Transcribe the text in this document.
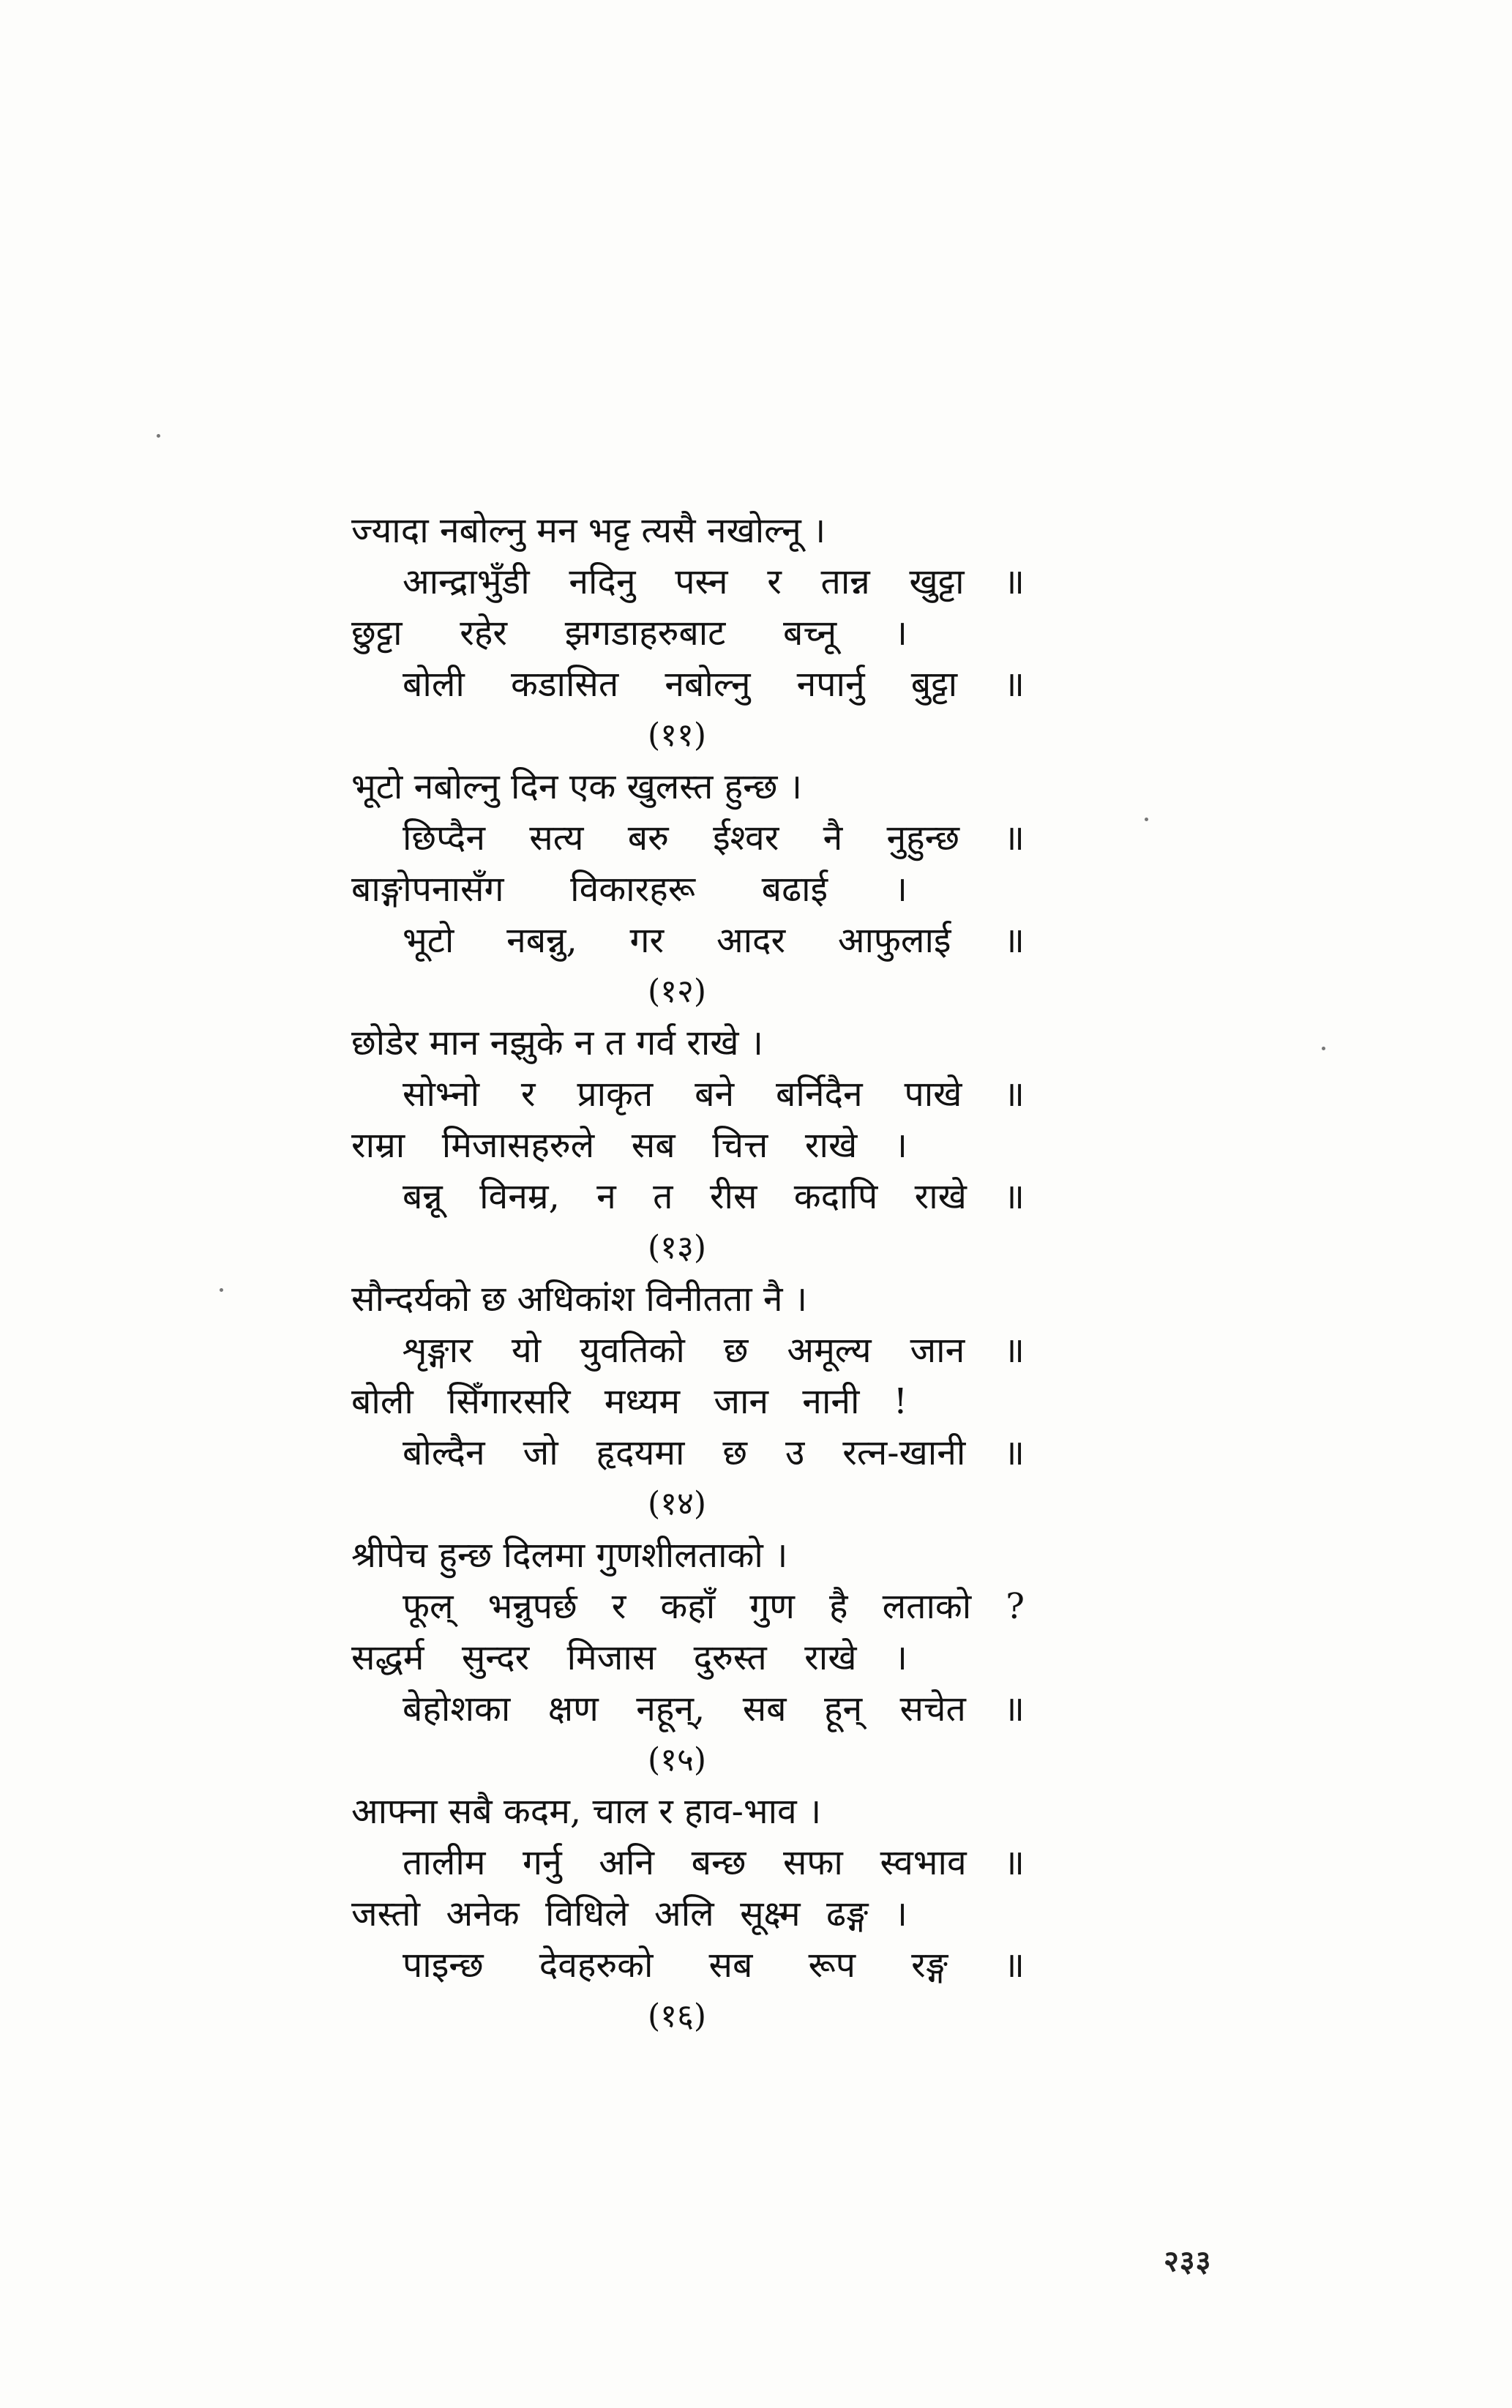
ज्यादा नबोल्नु मन भट्ट त्यसै नखोल्नू ।
आन्द्राभुँडी नदिनु पस्न र तान्न खुट्टा ॥
छुट्टा रहेर झगडाहरुबाट बच्नू ।
बोली कडासित नबोल्नु नपार्नु बुट्टा ॥
(११)
भूटो नबोल्नु दिन एक खुलस्त हुन्छ ।
छिप्दैन सत्य बरु ईश्वर नै नुहुन्छ ॥
बाङ्गोपनासँग विकारहरू बढाई ।
भूटो नबन्नु, गर आदर आफुलाई ॥
(१२)
छोडेर मान नझुके न त गर्व राखे ।
सोभ्नो र प्राकृत बने बर्निदैन पाखे ॥
राम्रा मिजासहरुले सब चित्त राखे ।
बन्नू विनम्र, न त रीस कदापि राखे ॥
(१३)
सौन्दर्यको छ अधिकांश विनीतता नै ।
शृङ्गार यो युवतिको छ अमूल्य जान ॥
बोली सिँगारसरि मध्यम जान नानी !
बोल्दैन जो हृदयमा छ उ रत्न-खानी ॥
(१४)
श्रीपेच हुन्छ दिलमा गुणशीलताको ।
फूल् भन्नुपर्छ र कहाँ गुण है लताको ?
सद्धर्म सुन्दर मिजास दुरुस्त राखे ।
बेहोशका क्षण नहून्, सब हून् सचेत ॥
(१५)
आफ्ना सबै कदम, चाल र हाव-भाव ।
तालीम गर्नु अनि बन्छ सफा स्वभाव ॥
जस्तो अनेक विधिले अलि सूक्ष्म ढङ्ग ।
पाइन्छ देवहरुको सब रूप रङ्ग ॥
(१६)
२३३
